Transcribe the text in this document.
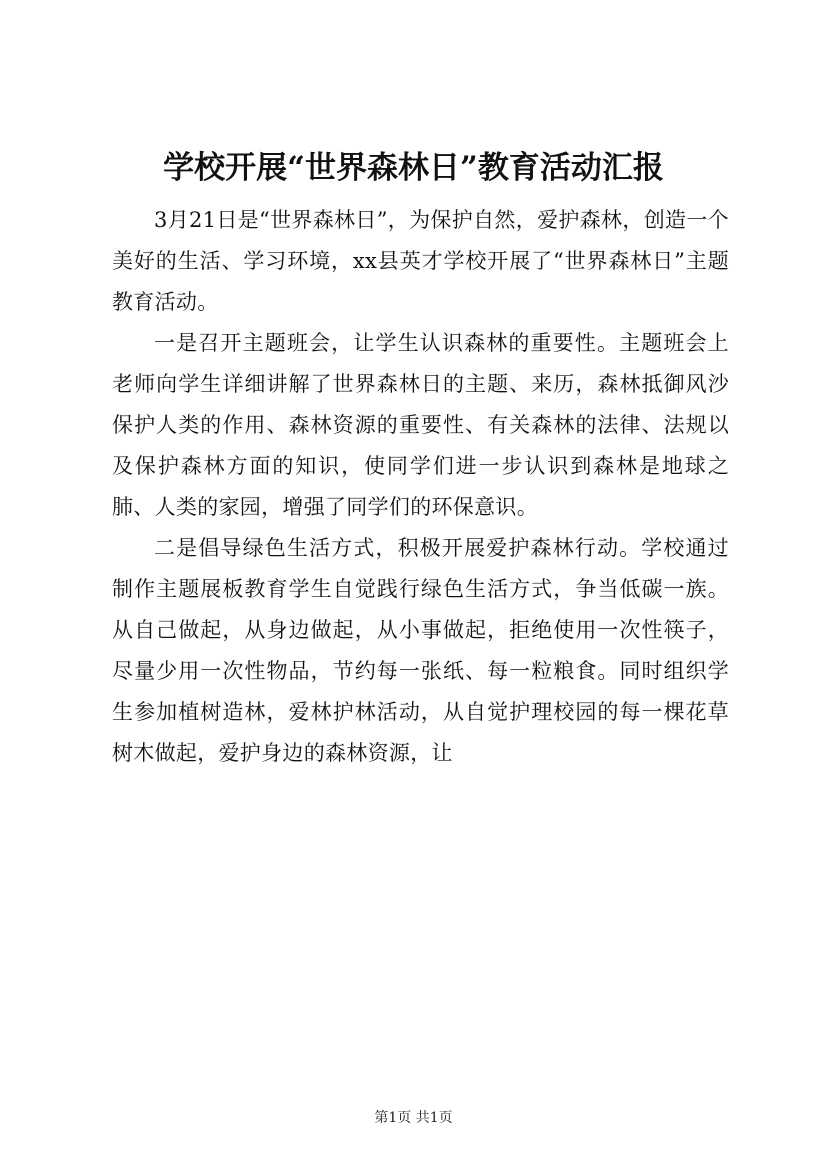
学校开展“世界森林日”教育活动汇报

3月21日是“世界森林日”，为保护自然，爱护森林，创造一个美好的生活、学习环境，xx县英才学校开展了“世界森林日”主题教育活动。

一是召开主题班会，让学生认识森林的重要性。主题班会上老师向学生详细讲解了世界森林日的主题、来历，森林抵御风沙保护人类的作用、森林资源的重要性、有关森林的法律、法规以及保护森林方面的知识，使同学们进一步认识到森林是地球之肺、人类的家园，增强了同学们的环保意识。

二是倡导绿色生活方式，积极开展爱护森林行动。学校通过制作主题展板教育学生自觉践行绿色生活方式，争当低碳一族。从自己做起，从身边做起，从小事做起，拒绝使用一次性筷子，尽量少用一次性物品，节约每一张纸、每一粒粮食。同时组织学生参加植树造林，爱林护林活动，从自觉护理校园的每一棵花草树木做起，爱护身边的森林资源，让

第1页 共1页
